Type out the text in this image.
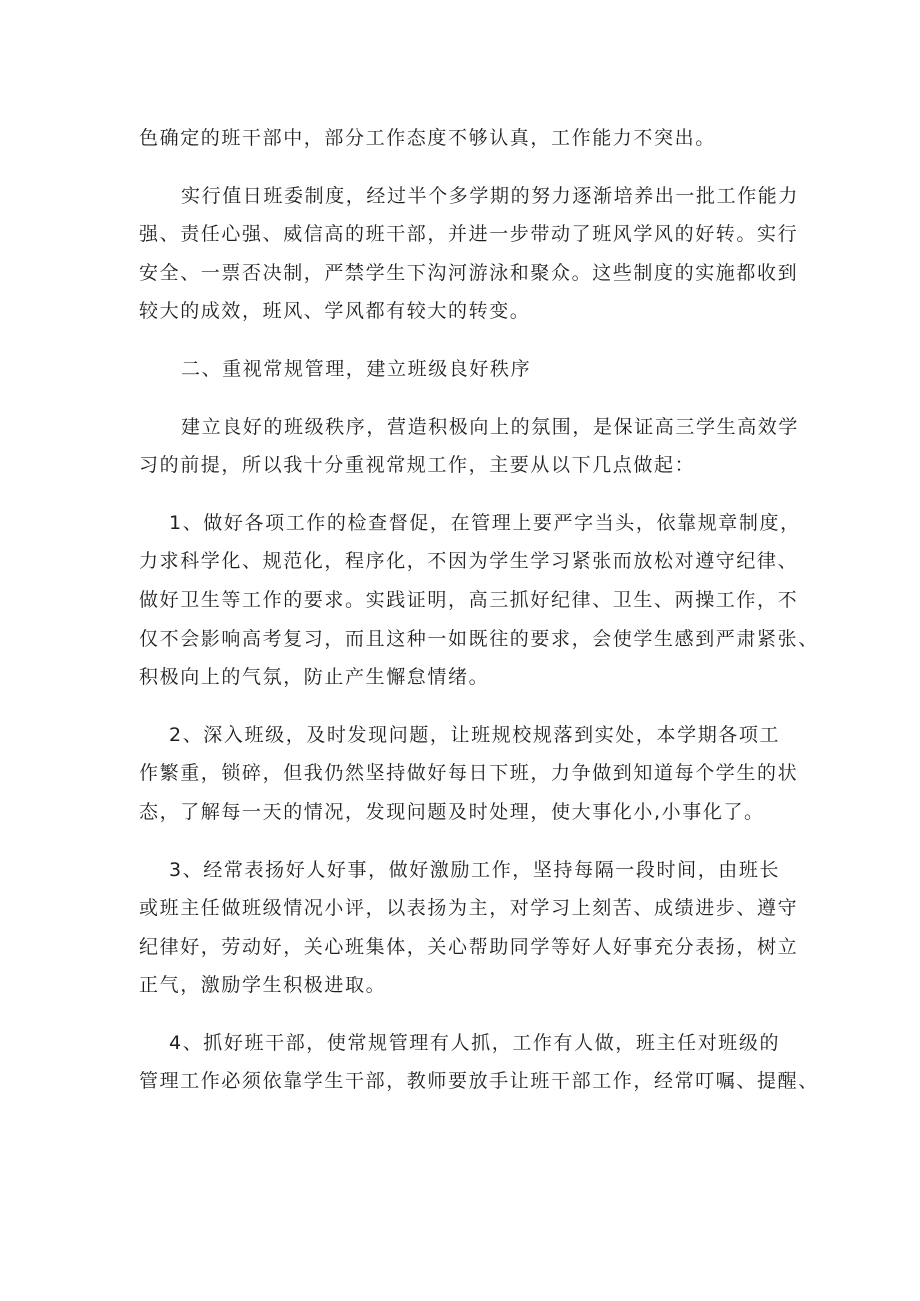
色确定的班干部中，部分工作态度不够认真，工作能力不突出。

实行值日班委制度，经过半个多学期的努力逐渐培养出一批工作能力
强、责任心强、威信高的班干部，并进一步带动了班风学风的好转。实行
安全、一票否决制，严禁学生下沟河游泳和聚众。这些制度的实施都收到
较大的成效，班风、学风都有较大的转变。

二、重视常规管理，建立班级良好秩序

建立良好的班级秩序，营造积极向上的氛围，是保证高三学生高效学
习的前提，所以我十分重视常规工作，主要从以下几点做起：

1、做好各项工作的检查督促，在管理上要严字当头，依靠规章制度，
力求科学化、规范化，程序化，不因为学生学习紧张而放松对遵守纪律、
做好卫生等工作的要求。实践证明，高三抓好纪律、卫生、两操工作，不
仅不会影响高考复习，而且这种一如既往的要求，会使学生感到严肃紧张、
积极向上的气氛，防止产生懈怠情绪。

2、深入班级，及时发现问题，让班规校规落到实处，本学期各项工
作繁重，锁碎，但我仍然坚持做好每日下班，力争做到知道每个学生的状
态，了解每一天的情况，发现问题及时处理，使大事化小,小事化了。

3、经常表扬好人好事，做好激励工作，坚持每隔一段时间，由班长
或班主任做班级情况小评，以表扬为主，对学习上刻苦、成绩进步、遵守
纪律好，劳动好，关心班集体，关心帮助同学等好人好事充分表扬，树立
正气，激励学生积极进取。

4、抓好班干部，使常规管理有人抓，工作有人做，班主任对班级的
管理工作必须依靠学生干部，教师要放手让班干部工作，经常叮嘱、提醒、
